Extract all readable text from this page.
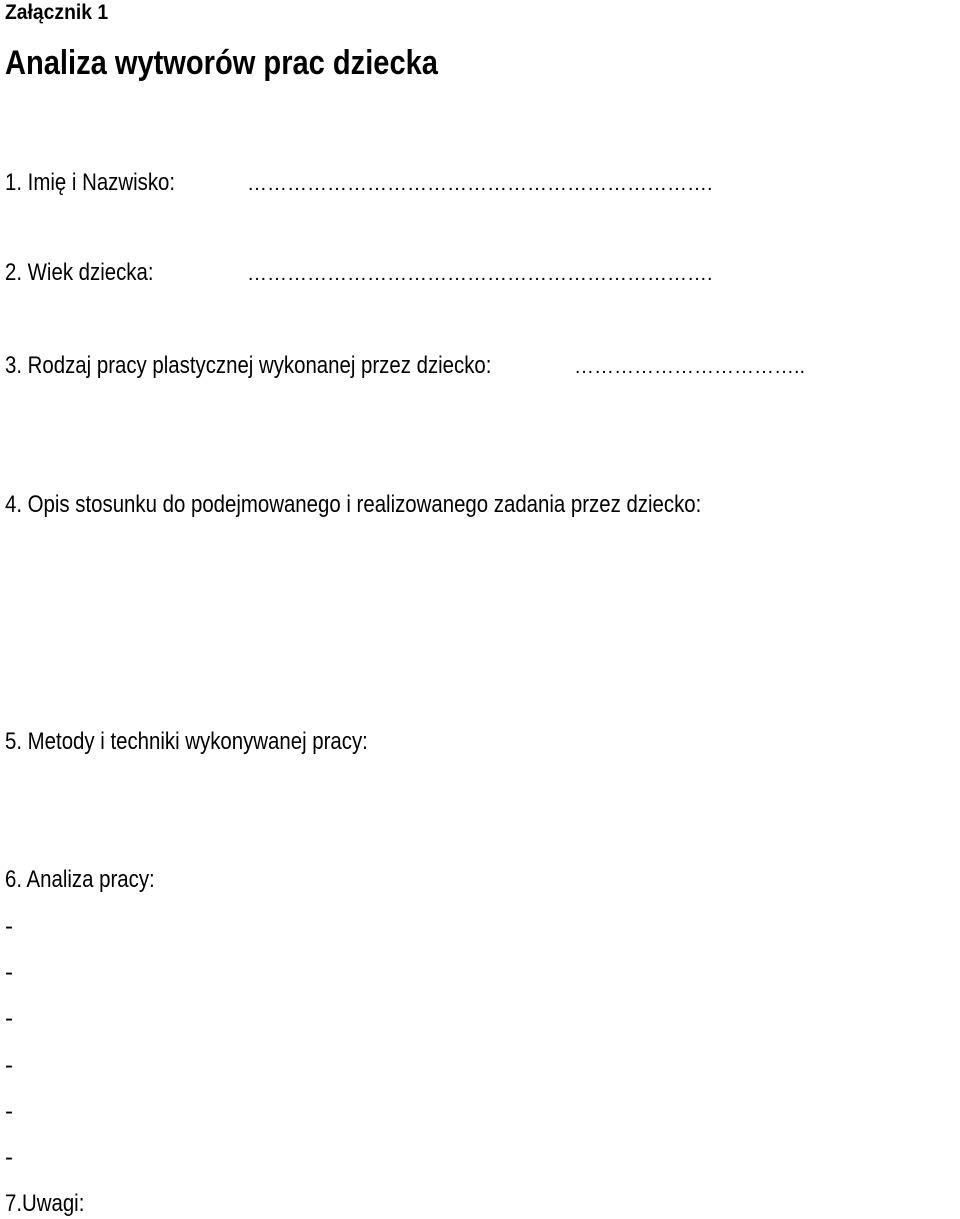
Załącznik 1
Analiza wytworów prac dziecka
1. Imię i Nazwisko:	…………………………………………………………….
2. Wiek dziecka:	…………………………………………………………….
3. Rodzaj pracy plastycznej wykonanej przez dziecko:	……………………………..
4. Opis stosunku do podejmowanego i realizowanego zadania przez dziecko:
5. Metody i techniki wykonywanej pracy:
6. Analiza pracy:
-
-
-
-
-
-
7.Uwagi:
